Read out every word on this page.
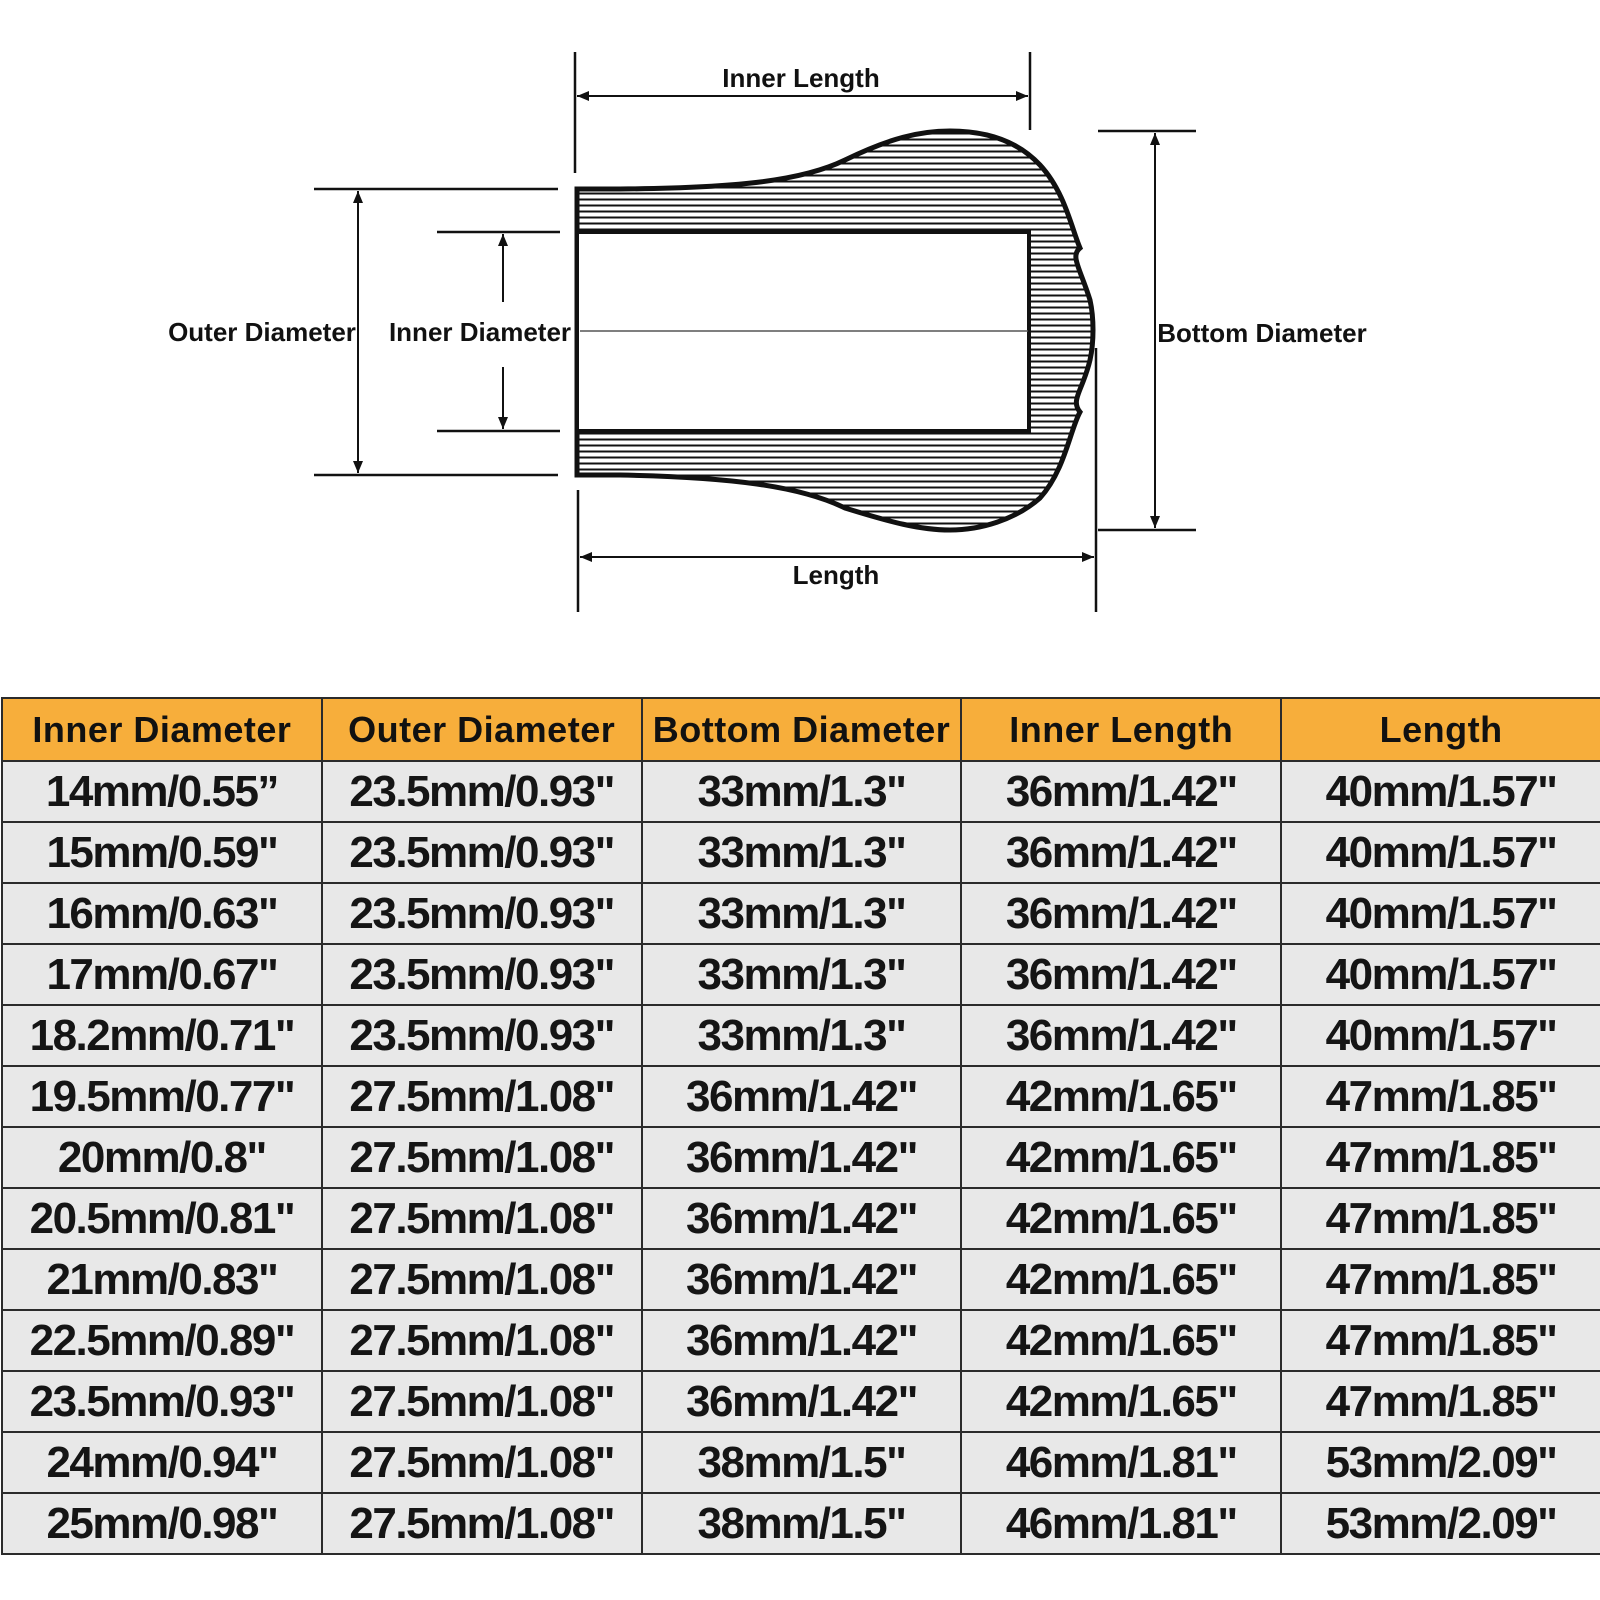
Inner Length
Outer Diameter Inner Diameter	Bottom Diameter
Length
Inner Diameter	Outer Diameter	Bottom Diameter	Inner Length	Length
14mm/0.55”	23.5mm/0.93"	33mm/1.3"	36mm/1.42"	40mm/1.57"
15mm/0.59"	23.5mm/0.93"	33mm/1.3"	36mm/1.42"	40mm/1.57"
16mm/0.63"	23.5mm/0.93"	33mm/1.3"	36mm/1.42"	40mm/1.57"
17mm/0.67"	23.5mm/0.93"	33mm/1.3"	36mm/1.42"	40mm/1.57"
18.2mm/0.71"	23.5mm/0.93"	33mm/1.3"	36mm/1.42"	40mm/1.57"
19.5mm/0.77"	27.5mm/1.08"	36mm/1.42"	42mm/1.65"	47mm/1.85"
20mm/0.8"	27.5mm/1.08"	36mm/1.42"	42mm/1.65"	47mm/1.85"
20.5mm/0.81"	27.5mm/1.08"	36mm/1.42"	42mm/1.65"	47mm/1.85"
21mm/0.83"	27.5mm/1.08"	36mm/1.42"	42mm/1.65"	47mm/1.85"
22.5mm/0.89"	27.5mm/1.08"	36mm/1.42"	42mm/1.65"	47mm/1.85"
23.5mm/0.93"	27.5mm/1.08"	36mm/1.42"	42mm/1.65"	47mm/1.85"
24mm/0.94"	27.5mm/1.08"	38mm/1.5"	46mm/1.81"	53mm/2.09"
25mm/0.98"	27.5mm/1.08"	38mm/1.5"	46mm/1.81"	53mm/2.09"
